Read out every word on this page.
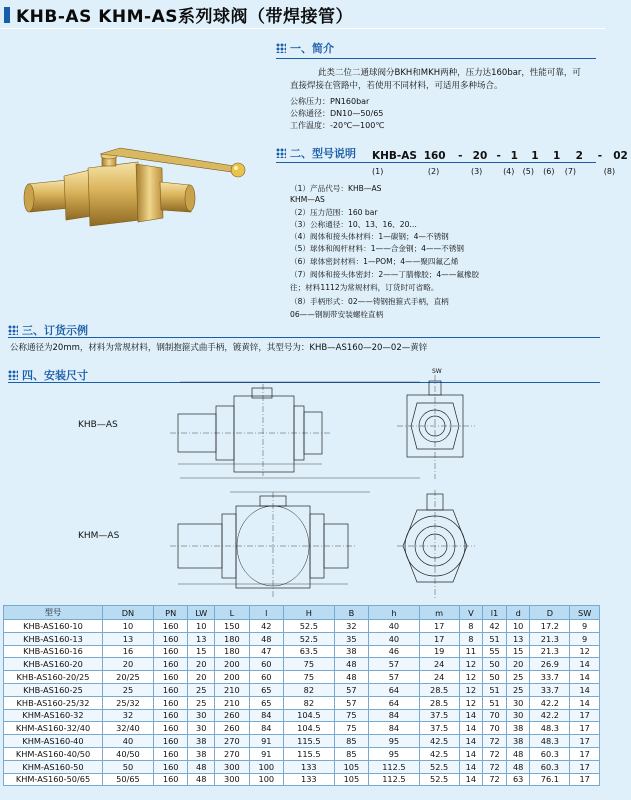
KHB-AS KHM-AS系列球阀（带焊接管）
一、简介
此类二位二通球阀分BKH和MKH两种，压力达160bar，性能可靠，可
直接焊接在管路中，若使用不同材料，可适用多种场合。
公称压力：PN160bar
公称通径：DN10—50/65
工作温度：-20℃—100℃
二、型号说明 KHB-AS 160 - 20 - 1 1 1 2 - 02
(1)	(2)	(3)	(4) (5) (6) (7)	(8)
（1）产品代号：KHB—AS
KHM—AS
（2）压力范围：160 bar
（3）公称通径：10、13、16、20…
（4）阀体和接头体材料：1—碳钢；4—不锈钢
（5）球体和阀杆材料：1——合金钢；4——不锈钢
（6）球体密封材料：1—POM；4——聚四氟乙烯
（7）阀体和接头体密封：2——丁腈橡胶；4——氟橡胶
往；材料1112为常规材料，订货时可省略。
（8）手柄形式：02——铸钢抱箍式手柄，直柄
06——钢制带安装螺栓直柄
三、订货示例
公称通径为20mm，材料为常规材料，钢制抱箍式曲手柄，镀黄锌，其型号为：KHB—AS160—20—02—黄锌
四、安装尺寸
KHB—AS
KHM—AS
SW
型号	DN	PN	LW	L	l	H	B	h	m	V	l1	d	D	SW
KHB-AS160-10	10	160	10	150	42	52.5	32	40	17	8	42	10	17.2	9
KHB-AS160-13	13	160	13	180	48	52.5	35	40	17	8	51	13	21.3	9
KHB-AS160-16	16	160	15	180	47	63.5	38	46	19	11	55	15	21.3	12
KHB-AS160-20	20	160	20	200	60	75	48	57	24	12	50	20	26.9	14
KHB-AS160-20/25	20/25	160	20	200	60	75	48	57	24	12	50	25	33.7	14
KHB-AS160-25	25	160	25	210	65	82	57	64	28.5	12	51	25	33.7	14
KHB-AS160-25/32	25/32	160	25	210	65	82	57	64	28.5	12	51	30	42.2	14
KHM-AS160-32	32	160	30	260	84	104.5	75	84	37.5	14	70	30	42.2	17
KHM-AS160-32/40	32/40	160	30	260	84	104.5	75	84	37.5	14	70	38	48.3	17
KHM-AS160-40	40	160	38	270	91	115.5	85	95	42.5	14	72	38	48.3	17
KHM-AS160-40/50	40/50	160	38	270	91	115.5	85	95	42.5	14	72	48	60.3	17
KHM-AS160-50	50	160	48	300	100	133	105	112.5	52.5	14	72	48	60.3	17
KHM-AS160-50/65	50/65	160	48	300	100	133	105	112.5	52.5	14	72	63	76.1	17
